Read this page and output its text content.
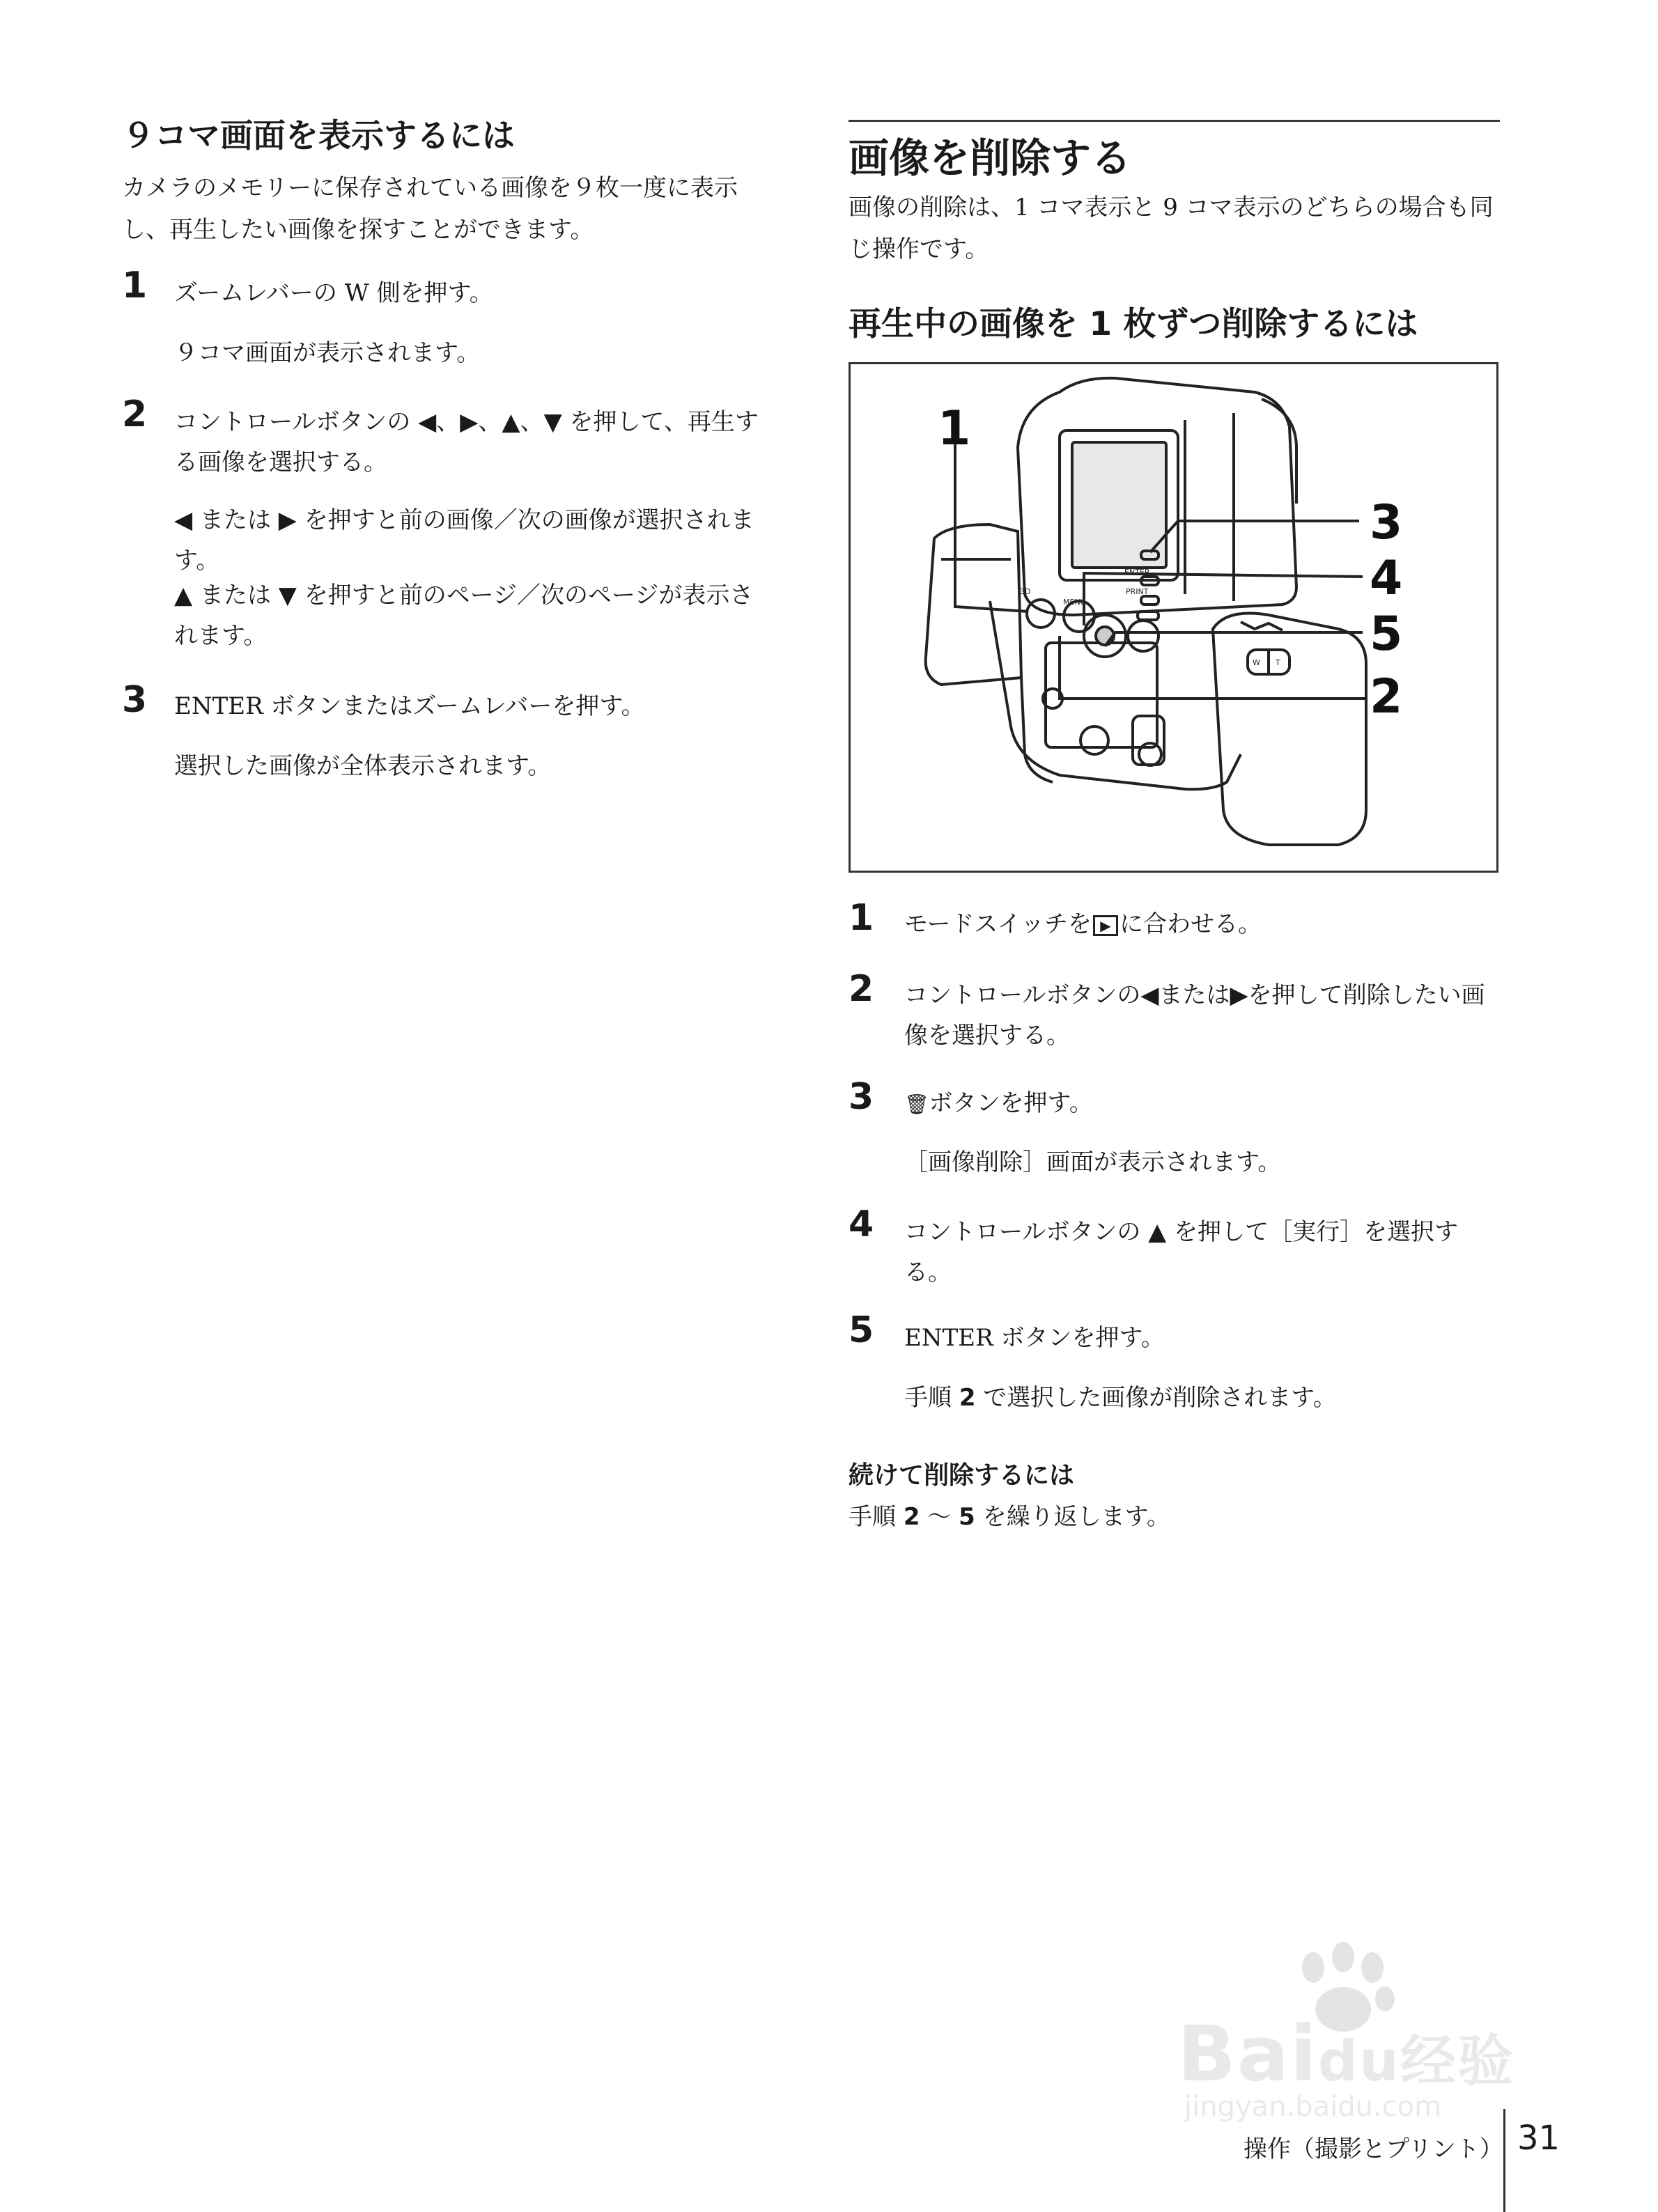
９コマ画面を表示するには
カメラのメモリーに保存されている画像を９枚一度に表示し、再生したい画像を探すことができます。
1 ズームレバーの W 側を押す。
９コマ画面が表示されます。
2 コントロールボタンの ◀、▶、▲、▼ を押して、再生する画像を選択する。
◀ または ▶ を押すと前の画像／次の画像が選択されます。
▲ または ▼ を押すと前のページ／次のページが表示されます。
3 ENTER ボタンまたはズームレバーを押す。
選択した画像が全体表示されます。
画像を削除する
画像の削除は、1 コマ表示と 9 コマ表示のどちらの場合も同じ操作です。
再生中の画像を 1 枚ずつ削除するには
MENU
ENTER
PRINT
3D
W T
1
3
4
5
2
1 モードスイッチを ▶ に合わせる。
2 コントロールボタンの◀または▶を押して削除したい画像を選択する。
3 🗑ボタンを押す。
［画像削除］画面が表示されます。
4 コントロールボタンの ▲ を押して［実行］を選択する。
5 ENTER ボタンを押す。
手順 2 で選択した画像が削除されます。
続けて削除するには
手順 2 ～ 5 を繰り返します。
Baidu经验
jingyan.baidu.com
操作（撮影とプリント） 31
